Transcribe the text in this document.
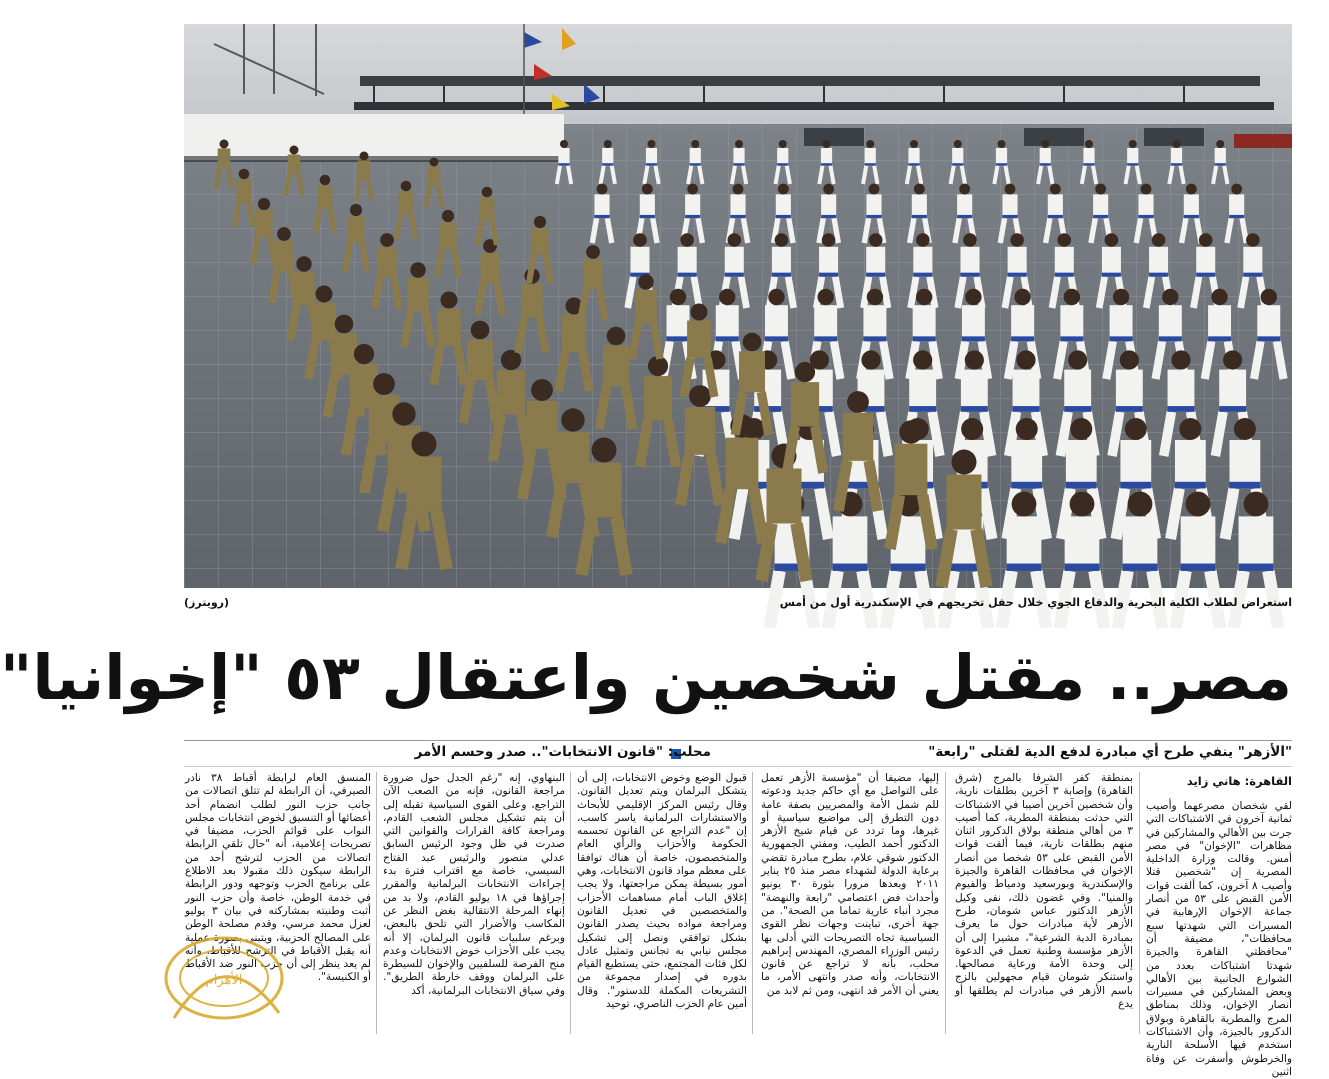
استعراض لطلاب الكلية البحرية والدفاع الجوي خلال حفل تخريجهم في الإسكندرية أول من أمس
(رويترز)
مصر.. مقتل شخصين واعتقال ٥٣ "إخوانيا"
"الأزهر" ينفي طرح أي مبادرة لدفع الدية لقتلى "رابعة"
محلب: "قانون الانتخابات".. صدر وحسم الأمر
القاهرة: هاني زايد

لقي شخصان مصرعهما وأصيب ثمانية آخرون في الاشتباكات التي جرت بين الأهالي والمشاركين في مظاهرات "الإخوان" في مصر أمس. وقالت وزارة الداخلية المصرية إن "شخصين قتلا وأصيب ٨ آخرون، كما ألقت قوات الأمن القبض على ٥٣ من أنصار جماعة الإخوان الإرهابية في المسيرات التي شهدتها سبع محافظات"، مضيفة أن "محافظتي القاهرة والجيزة شهدتا اشتباكات بعدد من الشوارع الجانبية بين الأهالي وبعض المشاركين في مسيرات أنصار الإخوان، وذلك بمناطق المرج والمطرية بالقاهرة وبولاق الدكرور بالجيزة، وأن الاشتباكات استخدم فيها الأسلحة النارية والخرطوش وأسفرت عن وفاة اثنين

بمنطقة كفر الشرفا بالمرج (شرق القاهرة) وإصابة ٣ آخرين بطلقات نارية، وأن شخصين آخرين أصيبا في الاشتباكات التي حدثت بمنطقة المطرية، كما أصيب ٣ من أهالي منطقة بولاق الدكرور اثنان منهم بطلقات نارية، فيما ألقت قوات الأمن القبض على ٥٣ شخصا من أنصار الإخوان في محافظات القاهرة والجيزة والإسكندرية وبورسعيد ودمياط والفيوم والمنيا". وفي غضون ذلك، نفى وكيل الأزهر الدكتور عباس شومان، طرح الأزهر لأية مبادرات حول ما يعرف بمبادرة الدية الشرعية"، مشيرا إلى أن الأزهر مؤسسة وطنية تعمل في الدعوة إلى وحدة الأمة ورعاية مصالحها. واستنكر شومان قيام مجهولين بالزج باسم الأزهر في مبادرات لم يطلقها أو يدع

إليها، مضيفا أن "مؤسسة الأزهر تعمل على التواصل مع أي حاكم جديد ودعوته للم شمل الأمة والمصريين بصفة عامة دون التطرق إلى مواضيع سياسية أو غيرها، وما تردد عن قيام شيخ الأزهر الدكتور أحمد الطيب، ومفتي الجمهورية الدكتور شوقي علام، بطرح مبادرة تقضي برعاية الدولة لشهداء مصر منذ ٢٥ يناير ٢٠١١ وبعدها مرورا بثورة ٣٠ يونيو وأحداث فض اعتصامي "رابعة والنهضة" مجرد أنباء عارية تماما من الصحة". من جهة أخرى، تباينت وجهات نظر القوى السياسية تجاه التصريحات التي أدلى بها رئيس الوزراء المصري، المهندس إبراهيم محلب، بأنه لا تراجع عن قانون الانتخابات، وأنه صدر وانتهى الأمر، ما يعني أن الأمر قد انتهى، ومن ثم لابد من

قبول الوضع وخوض الانتخابات، إلى أن يتشكل البرلمان ويتم تعديل القانون. وقال رئيس المركز الإقليمي للأبحاث والاستشارات البرلمانية ياسر كاسب، إن "عدم التراجع عن القانون تحسمه الحكومة والأحزاب والرأي العام والمتخصصون، خاصة أن هناك توافقا على معظم مواد قانون الانتخابات، وهي أمور بسيطة يمكن مراجعتها، ولا يجب إغلاق الباب أمام مساهمات الأحزاب والمتخصصين في تعديل القانون ومراجعة مواده بحيث يصدر القانون بشكل توافقي ونصل إلى تشكيل مجلس نيابي به تجانس وتمثيل عادل لكل فئات المجتمع، حتى يستطيع القيام بدوره في إصدار مجموعة من التشريعات المكملة للدستور". وقال أمين عام الحزب الناصري، توحيد

البنهاوي، إنه "رغم الجدل حول ضرورة مراجعة القانون، فإنه من الصعب الآن التراجع، وعلى القوى السياسية تقبله إلى أن يتم تشكيل مجلس الشعب القادم، ومراجعة كافة القرارات والقوانين التي صدرت في ظل وجود الرئيس السابق عدلي منصور والرئيس عبد الفتاح السيسي، خاصة مع اقتراب فترة بدء إجراءات الانتخابات البرلمانية والمقرر إجراؤها في ١٨ يوليو القادم، ولا بد من إنهاء المرحلة الانتقالية بغض النظر عن المكاسب والأضرار التي تلحق بالبعض، وبرغم سلبيات قانون البرلمان، إلا أنه يجب على الأحزاب خوض الانتخابات وعدم منح الفرصة للسلفيين والإخوان للسيطرة على البرلمان ووقف خارطة الطريق". وفي سياق الانتخابات البرلمانية، أكد

المنسق العام لرابطة أقباط ٣٨ نادر الصيرفي، أن الرابطة لم تتلق اتصالات من جانب حزب النور لطلب انضمام أحد أعضائها أو التنسيق لخوض انتخابات مجلس النواب على قوائم الحزب، مضيفا في تصريحات إعلامية، أنه "حال تلقي الرابطة اتصالات من الحزب لترشح أحد من الرابطة سيكون ذلك مقبولا بعد الاطلاع على برنامج الحزب وتوجهه ودور الرابطة في خدمة الوطن، خاصة وأن حزب النور أثبت وطنيته بمشاركته في بيان ٣ يوليو لعزل محمد مرسي، وقدم مصلحة الوطن على المصالح الحزبية، ويتبنى بصورة عملية أنه يقبل الأقباط في الترشح للأقباط، وأنه لم يعد ينظر إلى أن حزب النور ضد الأقباط أو الكنيسة".

الأهرام
